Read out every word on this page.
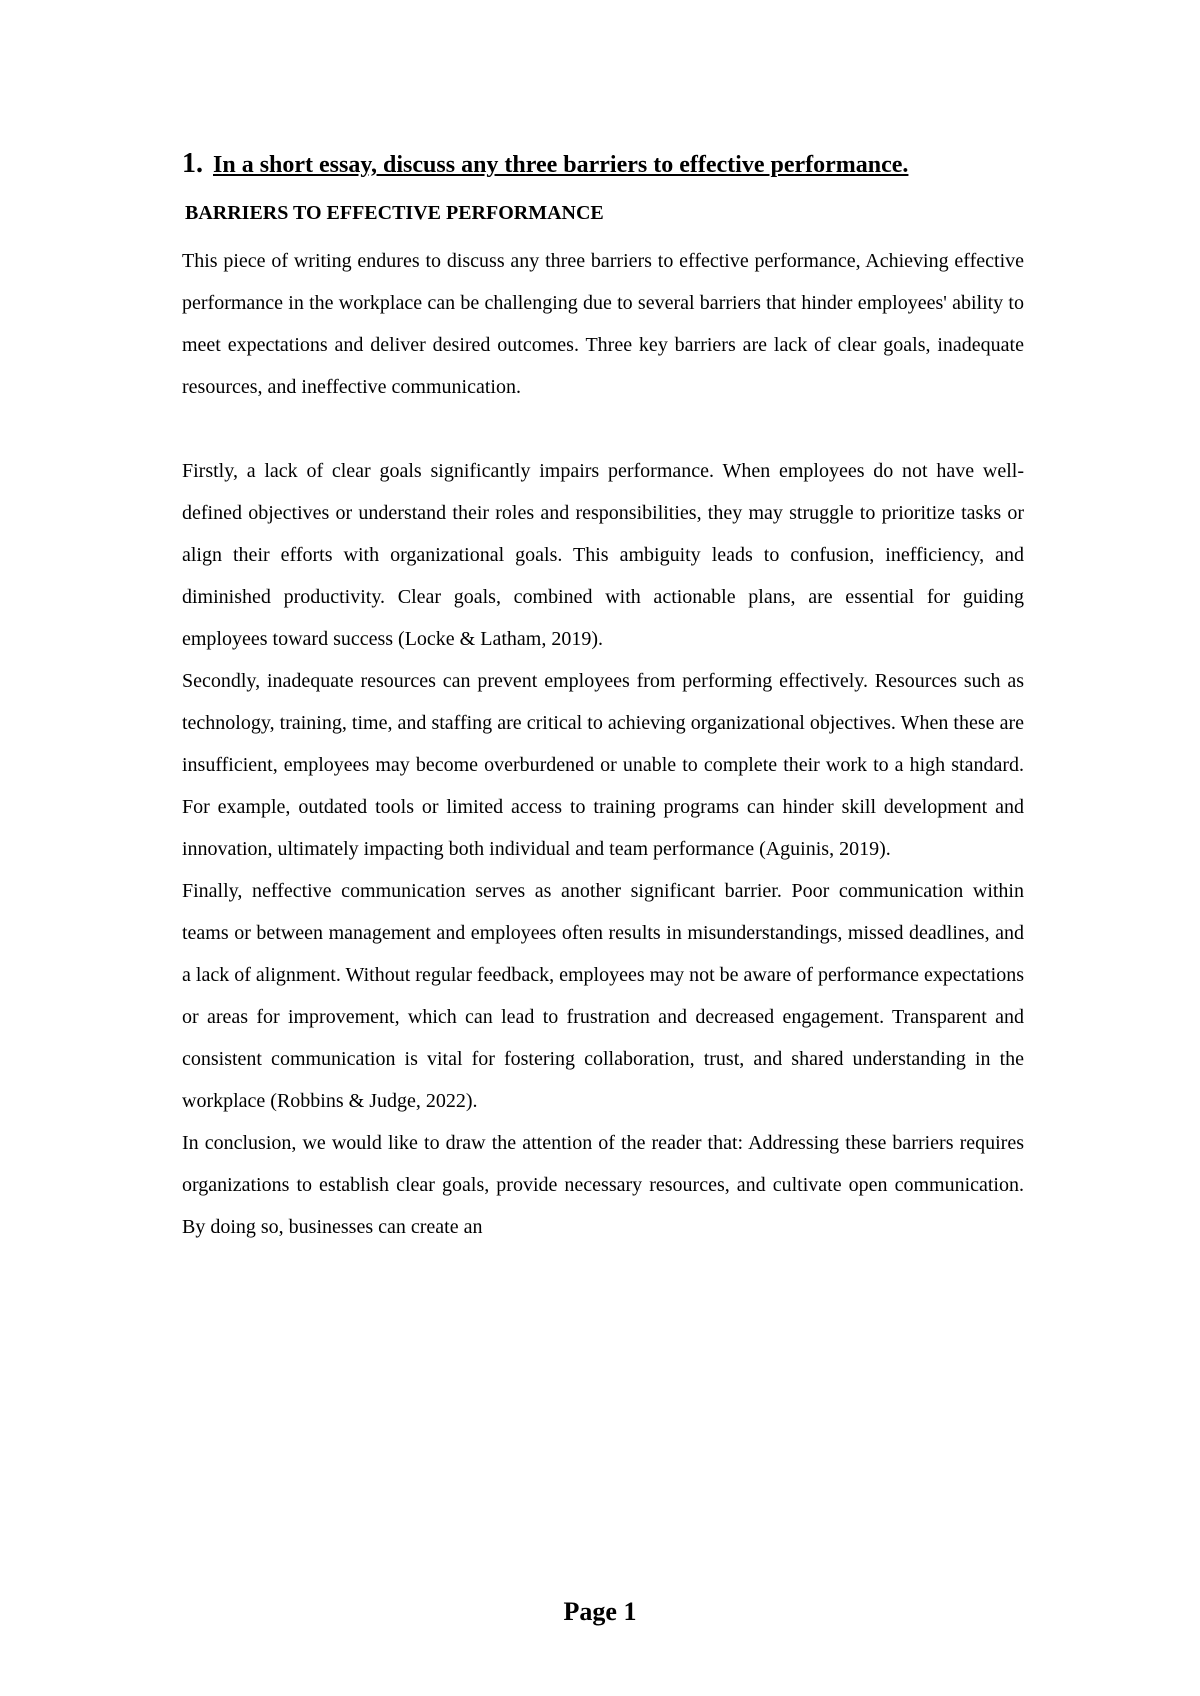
1. In a short essay, discuss any three barriers to effective performance.
BARRIERS TO EFFECTIVE PERFORMANCE

This piece of writing endures to discuss any three barriers to effective performance, Achieving effective performance in the workplace can be challenging due to several barriers that hinder employees' ability to meet expectations and deliver desired outcomes. Three key barriers are lack of clear goals, inadequate resources, and ineffective communication.

Firstly, a lack of clear goals significantly impairs performance. When employees do not have well-defined objectives or understand their roles and responsibilities, they may struggle to prioritize tasks or align their efforts with organizational goals. This ambiguity leads to confusion, inefficiency, and diminished productivity. Clear goals, combined with actionable plans, are essential for guiding employees toward success (Locke & Latham, 2019).

Secondly, inadequate resources can prevent employees from performing effectively. Resources such as technology, training, time, and staffing are critical to achieving organizational objectives. When these are insufficient, employees may become overburdened or unable to complete their work to a high standard. For example, outdated tools or limited access to training programs can hinder skill development and innovation, ultimately impacting both individual and team performance (Aguinis, 2019).

Finally, neffective communication serves as another significant barrier. Poor communication within teams or between management and employees often results in misunderstandings, missed deadlines, and a lack of alignment. Without regular feedback, employees may not be aware of performance expectations or areas for improvement, which can lead to frustration and decreased engagement. Transparent and consistent communication is vital for fostering collaboration, trust, and shared understanding in the workplace (Robbins & Judge, 2022).

In conclusion, we would like to draw the attention of the reader that: Addressing these barriers requires organizations to establish clear goals, provide necessary resources, and cultivate open communication. By doing so, businesses can create an

Page 1
